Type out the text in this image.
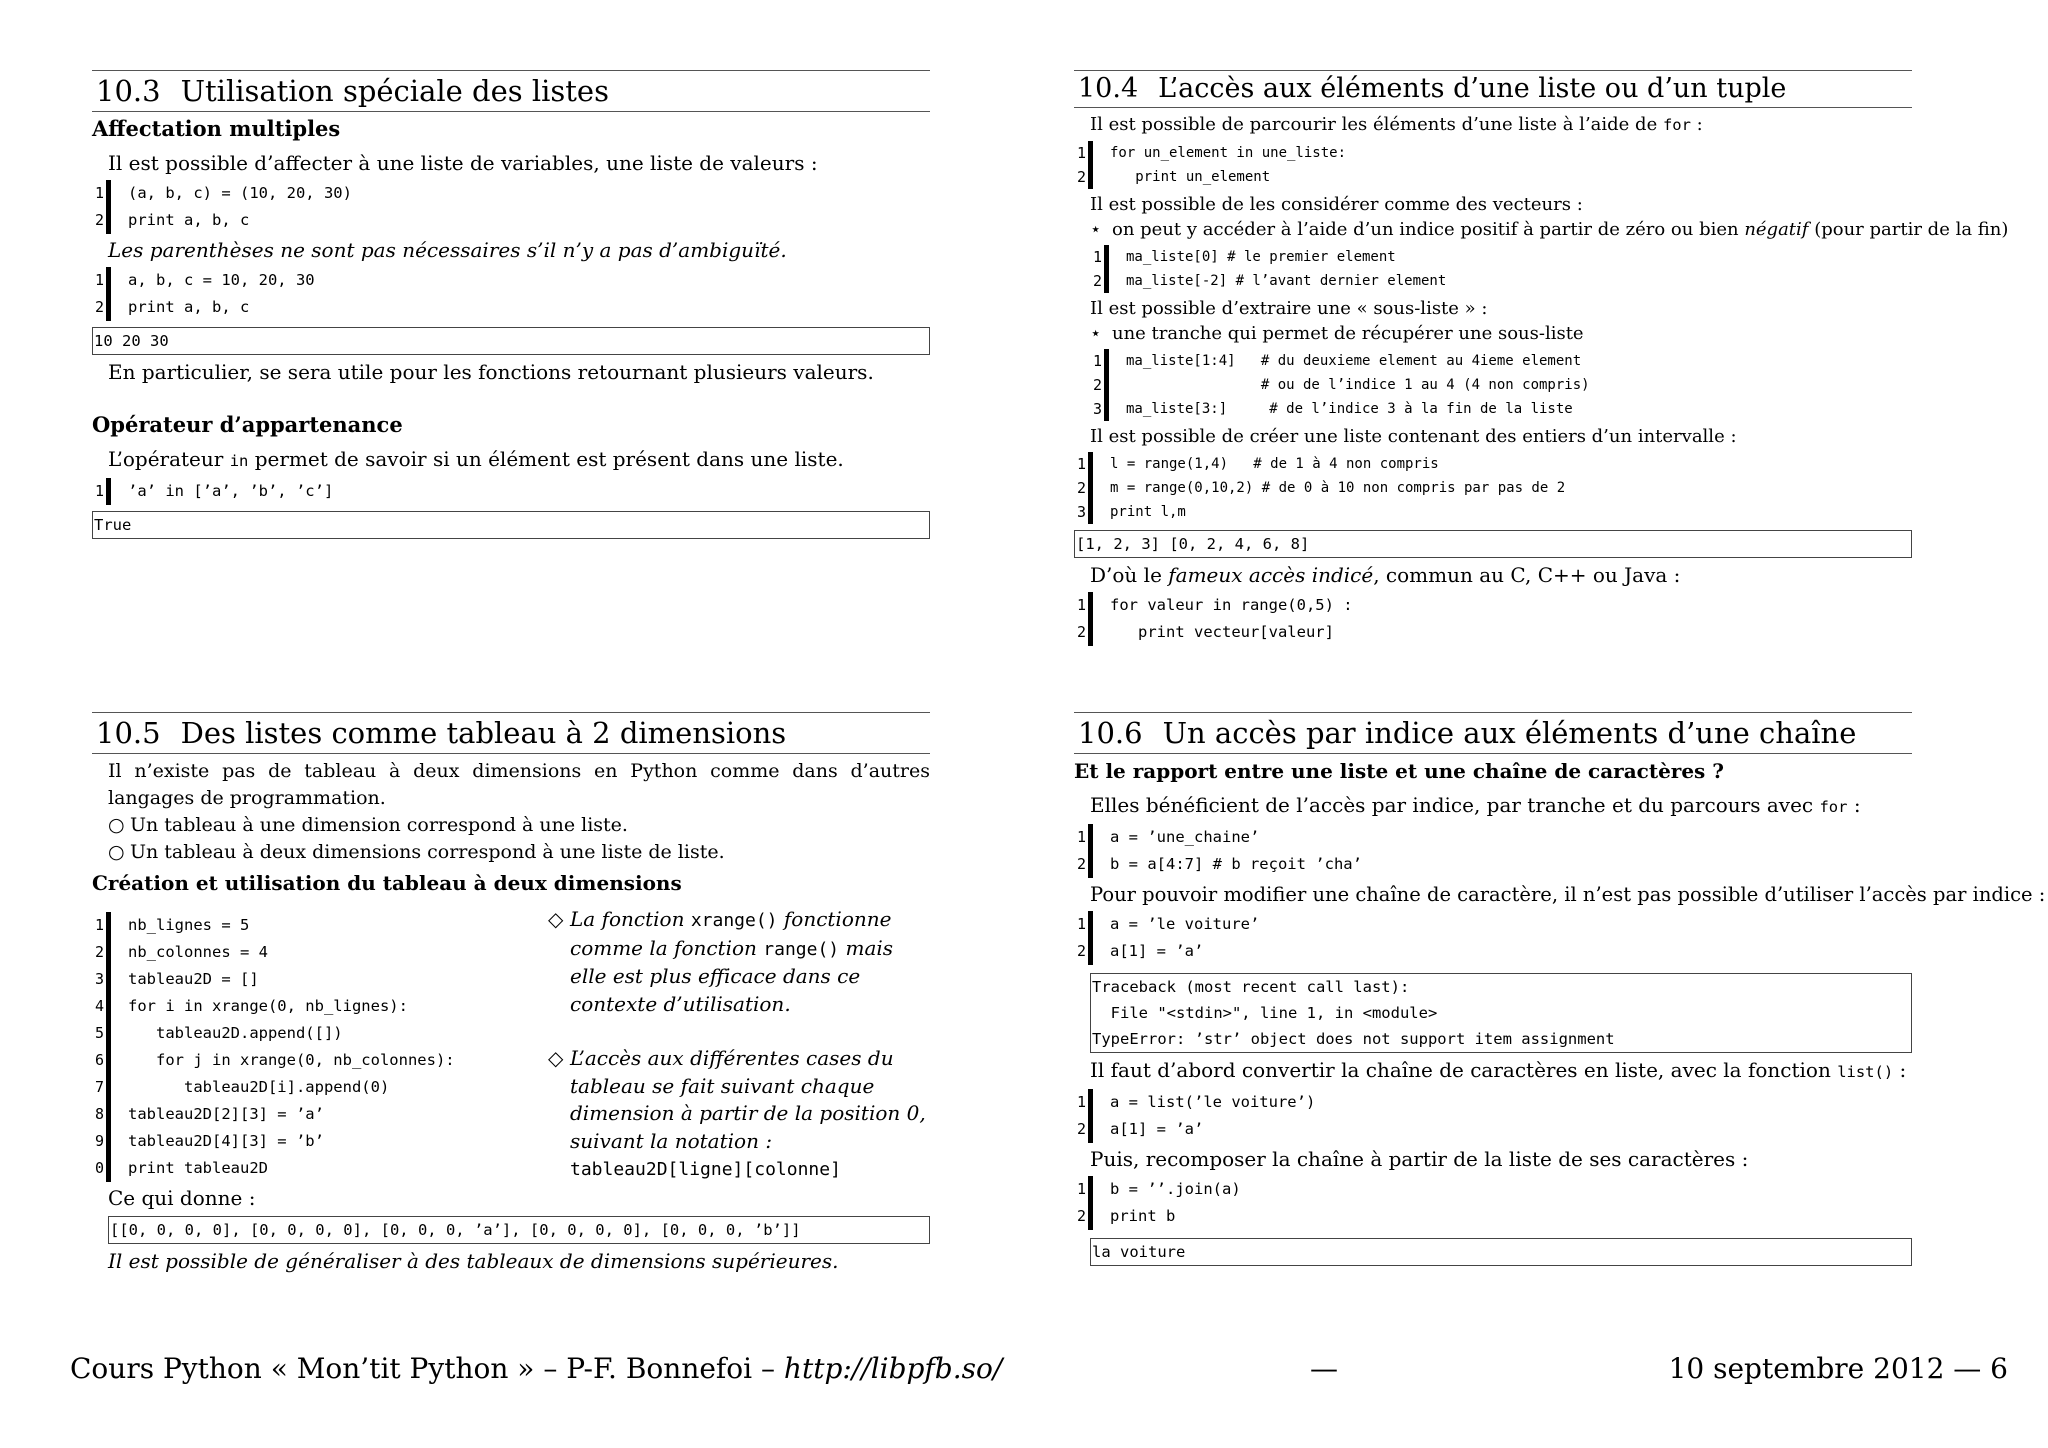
10.3 Utilisation spéciale des listes
Affectation multiples
Il est possible d’affecter à une liste de variables, une liste de valeurs :
1 (a, b, c) = (10, 20, 30)
2 print a, b, c
Les parenthèses ne sont pas nécessaires s’il n’y a pas d’ambiguïté.
1 a, b, c = 10, 20, 30
2 print a, b, c
10 20 30
En particulier, se sera utile pour les fonctions retournant plusieurs valeurs.
Opérateur d’appartenance
L’opérateur in permet de savoir si un élément est présent dans une liste.
1 ’a’ in [’a’, ’b’, ’c’]
True
10.4 L’accès aux éléments d’une liste ou d’un tuple
Il est possible de parcourir les éléments d’une liste à l’aide de for :
1 for un_element in une_liste:
2 print un_element
Il est possible de les considérer comme des vecteurs :
⋆ on peut y accéder à l’aide d’un indice positif à partir de zéro ou bien négatif (pour partir de la fin)
1 ma_liste[0] # le premier element
2 ma_liste[-2] # l’avant dernier element
Il est possible d’extraire une « sous-liste » :
⋆ une tranche qui permet de récupérer une sous-liste
1 ma_liste[1:4]   # du deuxieme element au 4ieme element
2 # ou de l’indice 1 au 4 (4 non compris)
3 ma_liste[3:]     # de l’indice 3 à la fin de la liste
Il est possible de créer une liste contenant des entiers d’un intervalle :
1 l = range(1,4)   # de 1 à 4 non compris
2 m = range(0,10,2) # de 0 à 10 non compris par pas de 2
3 print l,m
[1, 2, 3] [0, 2, 4, 6, 8]
D’où le fameux accès indicé, commun au C, C++ ou Java :
1 for valeur in range(0,5) :
2 print vecteur[valeur]
10.5 Des listes comme tableau à 2 dimensions
Il n’existe pas de tableau à deux dimensions en Python comme dans d’autres langages de programmation.
○ Un tableau à une dimension correspond à une liste.
○ Un tableau à deux dimensions correspond à une liste de liste.
Création et utilisation du tableau à deux dimensions
1 nb_lignes = 5
2 nb_colonnes = 4
3 tableau2D = []
4 for i in xrange(0, nb_lignes):
5 tableau2D.append([])
6 for j in xrange(0, nb_colonnes):
7 tableau2D[i].append(0)
8 tableau2D[2][3] = ’a’
9 tableau2D[4][3] = ’b’
0 print tableau2D
Ce qui donne :
[[0, 0, 0, 0], [0, 0, 0, 0], [0, 0, 0, ’a’], [0, 0, 0, 0], [0, 0, 0, ’b’]]
Il est possible de généraliser à des tableaux de dimensions supérieures.
◇ La fonction xrange() fonctionne comme la fonction range() mais elle est plus efficace dans ce contexte d’utilisation.
◇ L’accès aux différentes cases du tableau se fait suivant chaque dimension à partir de la position 0, suivant la notation : tableau2D[ligne][colonne]
10.6 Un accès par indice aux éléments d’une chaîne
Et le rapport entre une liste et une chaîne de caractères ?
Elles bénéficient de l’accès par indice, par tranche et du parcours avec for :
1 a = ’une_chaine’
2 b = a[4:7] # b reçoit ’cha’
Pour pouvoir modifier une chaîne de caractère, il n’est pas possible d’utiliser l’accès par indice :
1 a = ’le voiture’
2 a[1] = ’a’
Traceback (most recent call last):
File "<stdin>", line 1, in <module>
TypeError: ’str’ object does not support item assignment
Il faut d’abord convertir la chaîne de caractères en liste, avec la fonction list() :
1 a = list(’le voiture’)
2 a[1] = ’a’
Puis, recomposer la chaîne à partir de la liste de ses caractères :
1 b = ’’.join(a)
2 print b
la voiture
Cours Python « Mon’tit Python » – P-F. Bonnefoi – http://libpfb.so/	—	10 septembre 2012 — 6
